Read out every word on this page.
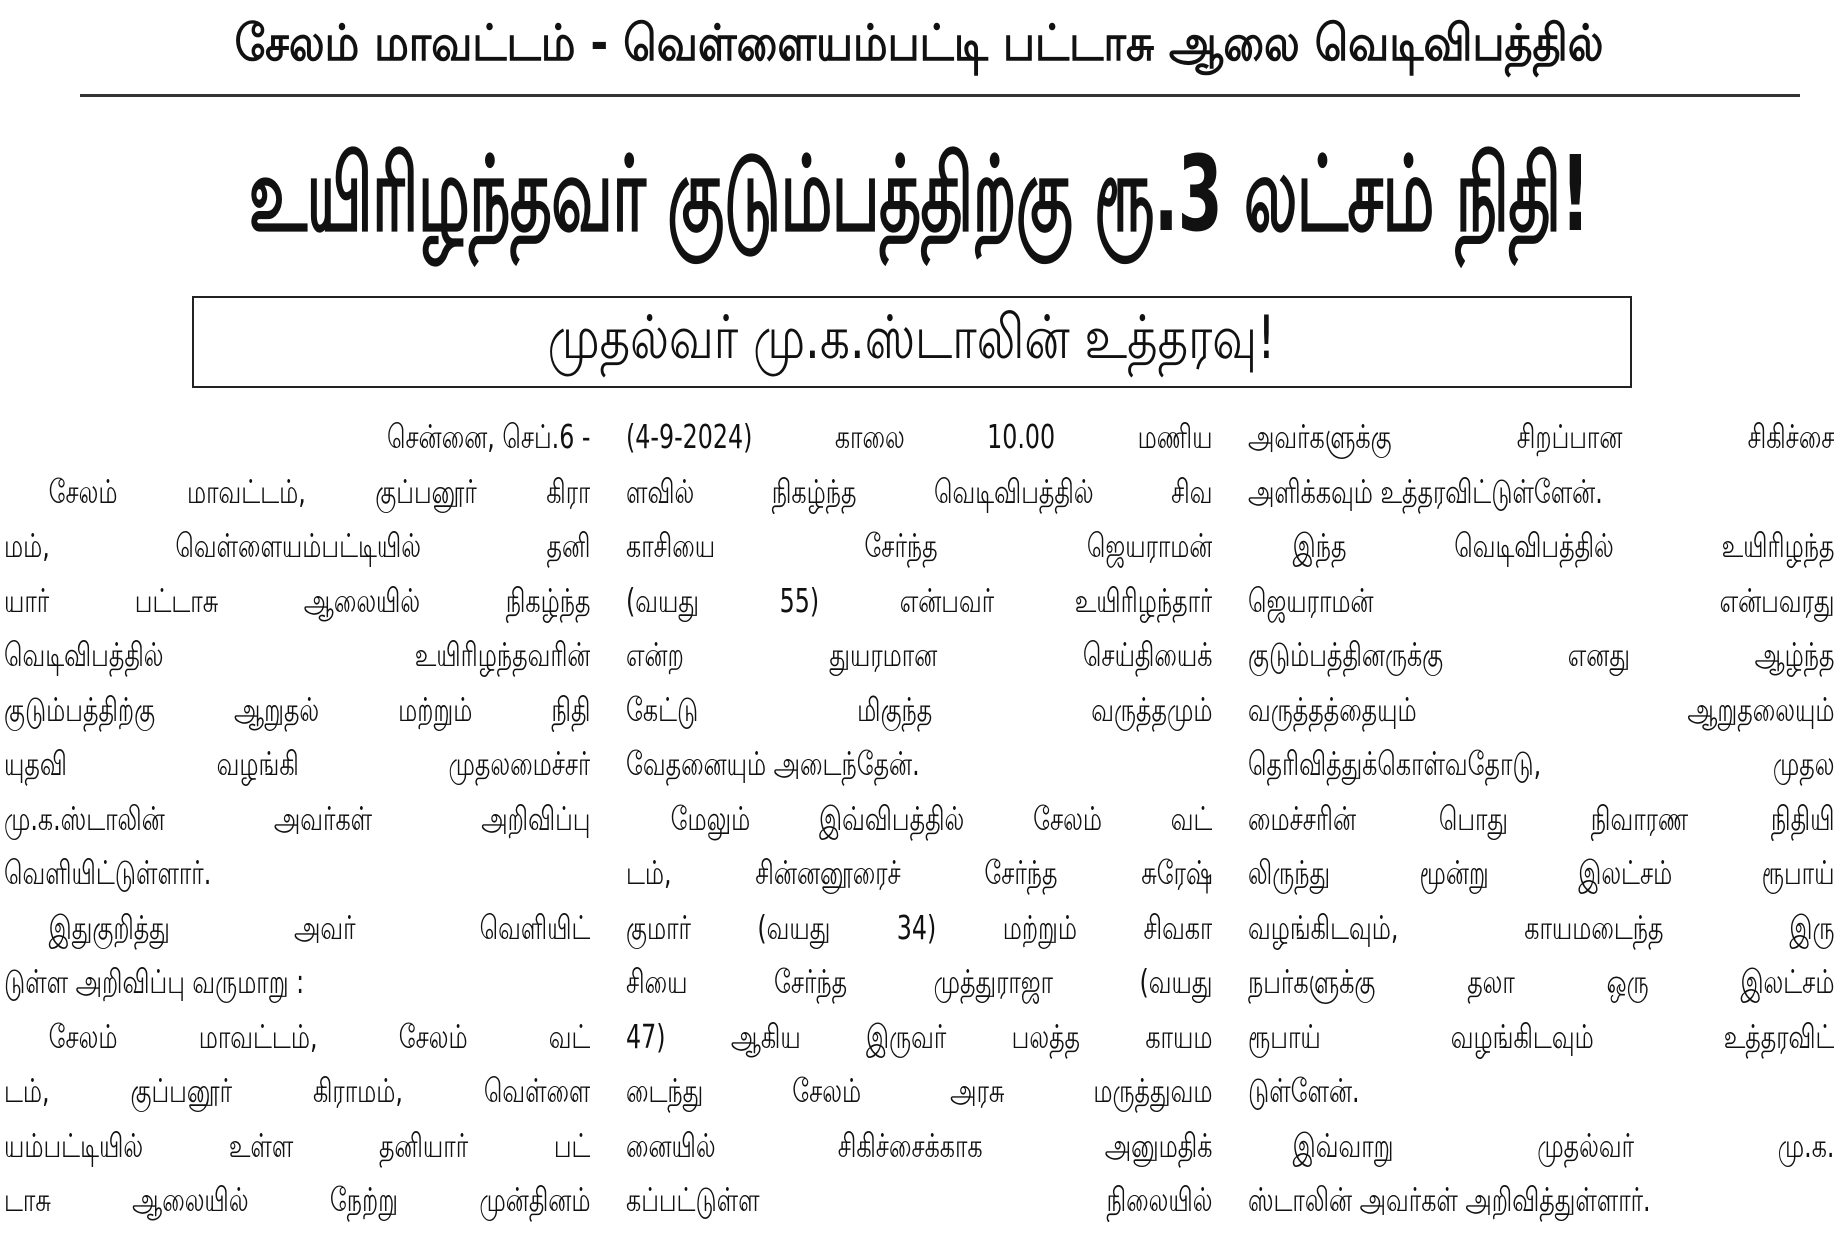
சேலம் மாவட்டம் - வெள்ளையம்பட்டி பட்டாசு ஆலை வெடிவிபத்தில்
உயிரிழந்தவர் குடும்பத்திற்கு ரூ.3 லட்சம் நிதி!
முதல்வர் மு.க.ஸ்டாலின் உத்தரவு!
சென்னை, செப்.6 -
சேலம் மாவட்டம், குப்பனூர் கிரா
மம், வெள்ளையம்பட்டியில் தனி
யார் பட்டாசு ஆலையில் நிகழ்ந்த
வெடிவிபத்தில் உயிரிழந்தவரின்
குடும்பத்திற்கு ஆறுதல் மற்றும் நிதி
யுதவி வழங்கி முதலமைச்சர்
மு.க.ஸ்டாலின் அவர்கள் அறிவிப்பு
வெளியிட்டுள்ளார்.
இதுகுறித்து அவர் வெளியிட்
டுள்ள அறிவிப்பு வருமாறு :
சேலம் மாவட்டம், சேலம் வட்
டம், குப்பனூர் கிராமம், வெள்ளை
யம்பட்டியில் உள்ள தனியார் பட்
டாசு ஆலையில் நேற்று முன்தினம்
(4-9-2024) காலை 10.00 மணிய
ளவில் நிகழ்ந்த வெடிவிபத்தில் சிவ
காசியை சேர்ந்த ஜெயராமன்
(வயது 55) என்பவர் உயிரிழந்தார்
என்ற துயரமான செய்தியைக்
கேட்டு மிகுந்த வருத்தமும்
வேதனையும் அடைந்தேன்.
மேலும் இவ்விபத்தில் சேலம் வட்
டம், சின்னனூரைச் சேர்ந்த சுரேஷ்
குமார் (வயது 34) மற்றும் சிவகா
சியை சேர்ந்த முத்துராஜா (வயது
47) ஆகிய இருவர் பலத்த காயம
டைந்து சேலம் அரசு மருத்துவம
னையில் சிகிச்சைக்காக அனுமதிக்
கப்பட்டுள்ள நிலையில்
அவர்களுக்கு சிறப்பான சிகிச்சை
அளிக்கவும் உத்தரவிட்டுள்ளேன்.
இந்த வெடிவிபத்தில் உயிரிழந்த
ஜெயராமன் என்பவரது
குடும்பத்தினருக்கு எனது ஆழ்ந்த
வருத்தத்தையும் ஆறுதலையும்
தெரிவித்துக்கொள்வதோடு, முதல
மைச்சரின் பொது நிவாரண நிதியி
லிருந்து மூன்று இலட்சம் ரூபாய்
வழங்கிடவும், காயமடைந்த இரு
நபர்களுக்கு தலா ஒரு இலட்சம்
ரூபாய் வழங்கிடவும் உத்தரவிட்
டுள்ளேன்.
இவ்வாறு முதல்வர் மு.க.
ஸ்டாலின் அவர்கள் அறிவித்துள்ளார்.
